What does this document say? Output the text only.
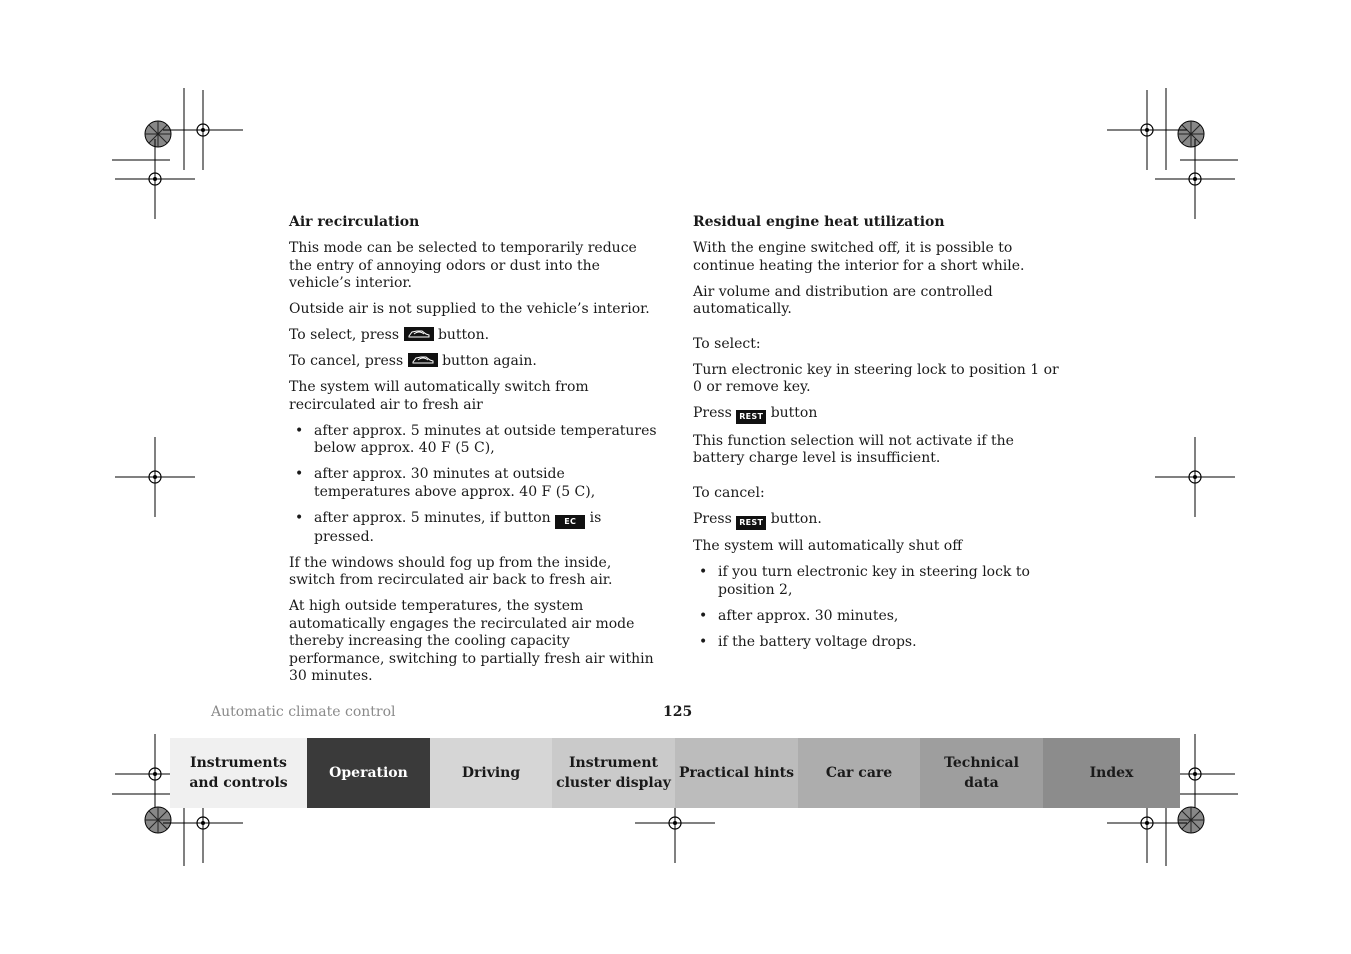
Air recirculation

This mode can be selected to temporarily reduce the entry of annoying odors or dust into the vehicle’s interior.

Outside air is not supplied to the vehicle’s interior.

To select, press	button.

To cancel, press	button again.

The system will automatically switch from recirculated air to fresh air

• after approx. 5 minutes at outside temperatures below approx. 40 F (5 C),
• after approx. 30 minutes at outside temperatures above approx. 40 F (5 C),
• after approx. 5 minutes, if button EC is pressed.

If the windows should fog up from the inside, switch from recirculated air back to fresh air.

At high outside temperatures, the system automatically engages the recirculated air mode thereby increasing the cooling capacity performance, switching to partially fresh air within 30 minutes.

Residual engine heat utilization

With the engine switched off, it is possible to continue heating the interior for a short while.

Air volume and distribution are controlled automatically.

To select:

Turn electronic key in steering lock to position 1 or 0 or remove key.

Press REST button

This function selection will not activate if the battery charge level is insufficient.

To cancel:

Press REST button.

The system will automatically shut off

• if you turn electronic key in steering lock to position 2,
• after approx. 30 minutes,
• if the battery voltage drops.
Automatic climate control	125
Instruments
and controls
Operation	Driving
Instrument
cluster display
Practical hints Car care
Technical
data
Index
